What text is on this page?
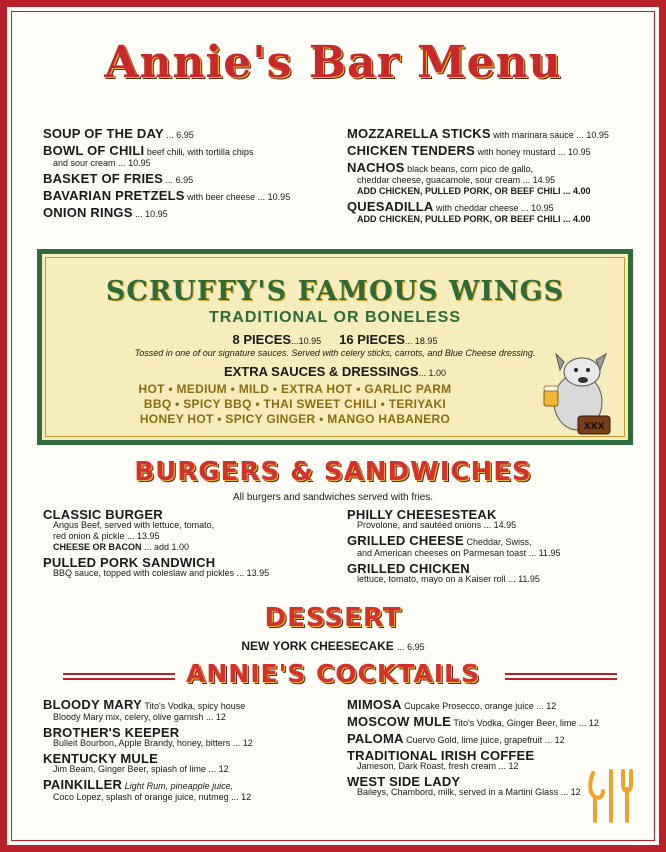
Annie's Bar Menu
SOUP OF THE DAY ... 6.95
BOWL OF CHILI beef chili, with tortilla chips
and sour cream ... 10.95
BASKET OF FRIES ... 6.95
BAVARIAN PRETZELS with beer cheese ... 10.95
ONION RINGS ... 10.95
MOZZARELLA STICKS with marinara sauce ... 10.95
CHICKEN TENDERS with honey mustard ... 10.95
NACHOS black beans, corn pico de gallo,
cheddar cheese, guacamole, sour cream ... 14.95
ADD CHICKEN, PULLED PORK, OR BEEF CHILI ... 4.00
QUESADILLA with cheddar cheese ... 10.95
ADD CHICKEN, PULLED PORK, OR BEEF CHILI ... 4.00
SCRUFFY'S FAMOUS WINGS
TRADITIONAL OR BONELESS
8 PIECES...10.95 16 PIECES... 18.95
Tossed in one of our signature sauces. Served with celery sticks, carrots, and Blue Cheese dressing.
EXTRA SAUCES & DRESSINGS... 1.00
HOT • MEDIUM • MILD • EXTRA HOT • GARLIC PARM
BBQ • SPICY BBQ • THAI SWEET CHILI • TERIYAKI
HONEY HOT • SPICY GINGER • MANGO HABANERO
XXX
BURGERS & SANDWICHES
All burgers and sandwiches served with fries.
CLASSIC BURGER
Angus Beef, served with lettuce, tomato,
red onion & pickle ... 13.95
CHEESE OR BACON ... add 1.00
PULLED PORK SANDWICH
BBQ sauce, topped with coleslaw and pickles ... 13.95
PHILLY CHEESESTEAK
Provolone, and sautéed onions ... 14.95
GRILLED CHEESE Cheddar, Swiss,
and American cheeses on Parmesan toast ... 11.95
GRILLED CHICKEN
lettuce, tomato, mayo on a Kaiser roll ... 11.95
DESSERT
NEW YORK CHEESECAKE ... 6.95
ANNIE'S COCKTAILS
BLOODY MARY Tito's Vodka, spicy house
Bloody Mary mix, celery, olive garnish ... 12
BROTHER'S KEEPER
Bulleit Bourbon, Apple Brandy, honey, bitters ... 12
KENTUCKY MULE
Jim Beam, Ginger Beer, splash of lime ... 12
PAINKILLER Light Rum, pineapple juice,
Coco Lopez, splash of orange juice, nutmeg ... 12
MIMOSA Cupcake Prosecco, orange juice ... 12
MOSCOW MULE Tito's Vodka, Ginger Beer, lime ... 12
PALOMA Cuervo Gold, lime juice, grapefruit ... 12
TRADITIONAL IRISH COFFEE
Jameson, Dark Roast, fresh cream ... 12
WEST SIDE LADY
Baileys, Chambord, milk, served in a Martini Glass ... 12
